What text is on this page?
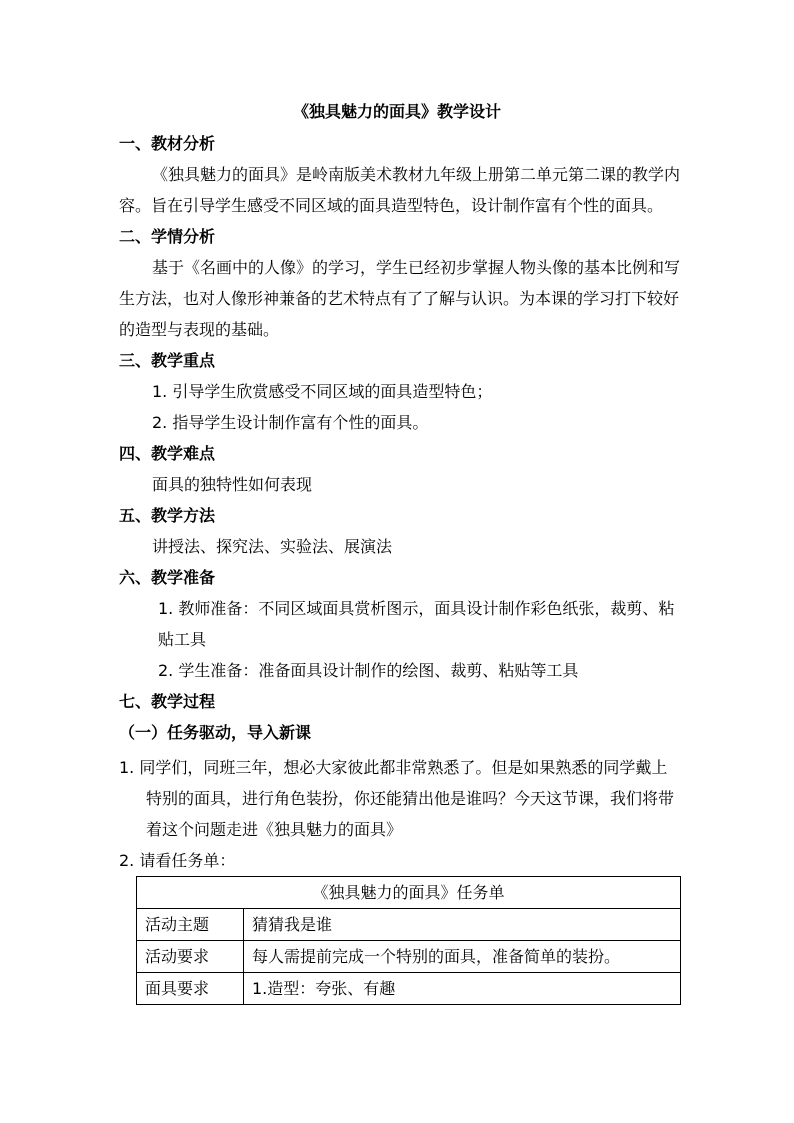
《独具魅力的面具》教学设计
一、教材分析
《独具魅力的面具》是岭南版美术教材九年级上册第二单元第二课的教学内
容。旨在引导学生感受不同区域的面具造型特色，设计制作富有个性的面具。
二、学情分析
基于《名画中的人像》的学习，学生已经初步掌握人物头像的基本比例和写
生方法，也对人像形神兼备的艺术特点有了了解与认识。为本课的学习打下较好
的造型与表现的基础。
三、教学重点
1. 引导学生欣赏感受不同区域的面具造型特色；
2. 指导学生设计制作富有个性的面具。
四、教学难点
面具的独特性如何表现
五、教学方法
讲授法、探究法、实验法、展演法
六、教学准备
1. 教师准备：不同区域面具赏析图示，面具设计制作彩色纸张，裁剪、粘
贴工具
2. 学生准备：准备面具设计制作的绘图、裁剪、粘贴等工具
七、教学过程
（一）任务驱动，导入新课
1. 同学们，同班三年，想必大家彼此都非常熟悉了。但是如果熟悉的同学戴上
特别的面具，进行角色装扮，你还能猜出他是谁吗？今天这节课，我们将带
着这个问题走进《独具魅力的面具》
2. 请看任务单：
《独具魅力的面具》任务单	
活动主题	猜猜我是谁
活动要求	每人需提前完成一个特别的面具，准备简单的装扮。
面具要求	1.造型：夸张、有趣
